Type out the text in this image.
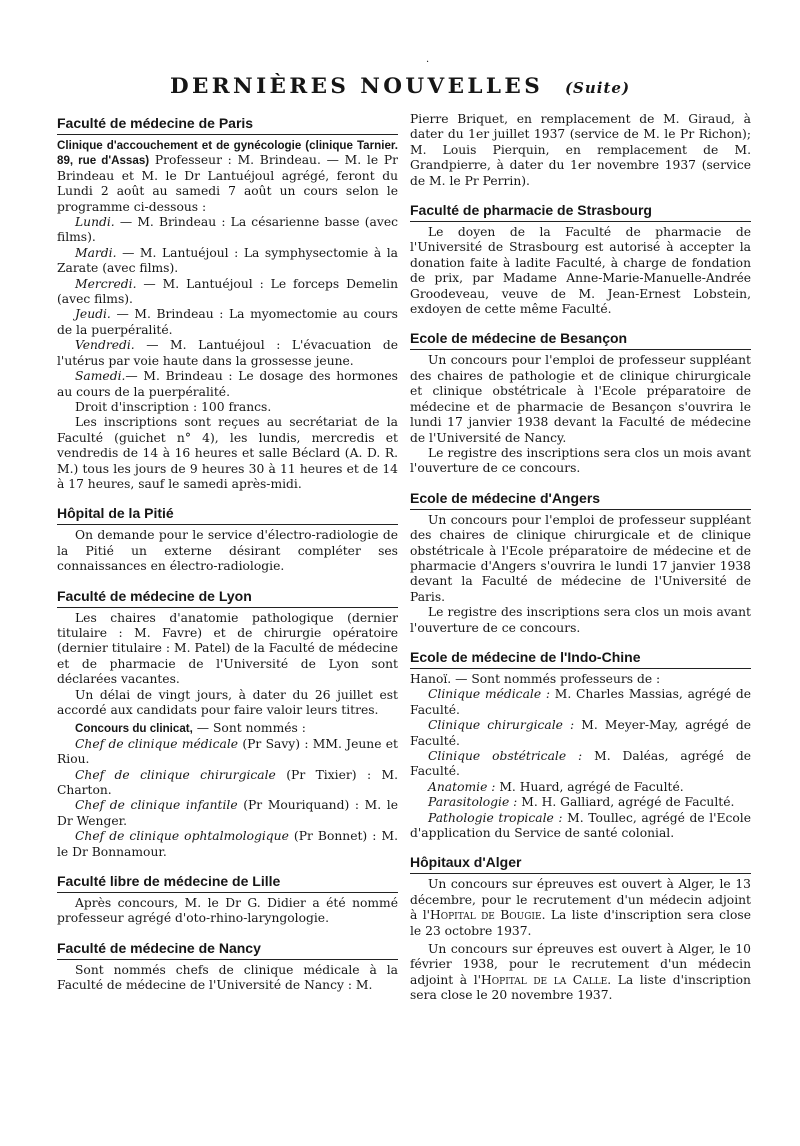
·
DERNIÈRES NOUVELLES (Suite)
Faculté de médecine de Paris

Clinique d'accouchement et de gynécologie (clinique Tarnier. 89, rue d'Assas) Professeur : M. Brindeau. — M. le Pr Brindeau et M. le Dr Lantuéjoul agrégé, feront du Lundi 2 août au samedi 7 août un cours selon le programme ci-dessous :

Lundi. — M. Brindeau : La césarienne basse (avec films).

Mardi. — M. Lantuéjoul : La symphysectomie à la Zarate (avec films).

Mercredi. — M. Lantuéjoul : Le forceps Demelin (avec films).

Jeudi. — M. Brindeau : La myomectomie au cours de la puerpéralité.

Vendredi. — M. Lantuéjoul : L'évacuation de l'utérus par voie haute dans la grossesse jeune.

Samedi.— M. Brindeau : Le dosage des hormones au cours de la puerpéralité.

Droit d'inscription : 100 francs.

Les inscriptions sont reçues au secrétariat de la Faculté (guichet n° 4), les lundis, mercredis et vendredis de 14 à 16 heures et salle Béclard (A. D. R. M.) tous les jours de 9 heures 30 à 11 heures et de 14 à 17 heures, sauf le samedi après-midi.

Hôpital de la Pitié

On demande pour le service d'électro-radiologie de la Pitié un externe désirant compléter ses connaissances en électro-radiologie.

Faculté de médecine de Lyon

Les chaires d'anatomie pathologique (dernier titulaire : M. Favre) et de chirurgie opératoire (dernier titulaire : M. Patel) de la Faculté de médecine et de pharmacie de l'Université de Lyon sont déclarées vacantes.

Un délai de vingt jours, à dater du 26 juillet est accordé aux candidats pour faire valoir leurs titres.

Concours du clinicat, — Sont nommés :

Chef de clinique médicale (Pr Savy) : MM. Jeune et Riou.

Chef de clinique chirurgicale (Pr Tixier) : M. Charton.

Chef de clinique infantile (Pr Mouriquand) : M. le Dr Wenger.

Chef de clinique ophtalmologique (Pr Bonnet) : M. le Dr Bonnamour.

Faculté libre de médecine de Lille

Après concours, M. le Dr G. Didier a été nommé professeur agrégé d'oto-rhino-laryngologie.

Faculté de médecine de Nancy

Sont nommés chefs de clinique médicale à la Faculté de médecine de l'Université de Nancy : M.

Pierre Briquet, en remplacement de M. Giraud, à dater du 1er juillet 1937 (service de M. le Pr Richon); M. Louis Pierquin, en remplacement de M. Grandpierre, à dater du 1er novembre 1937 (service de M. le Pr Perrin).

Faculté de pharmacie de Strasbourg

Le doyen de la Faculté de pharmacie de l'Université de Strasbourg est autorisé à accepter la donation faite à ladite Faculté, à charge de fondation de prix, par Madame Anne-Marie-Manuelle-Andrée Groodeveau, veuve de M. Jean-Ernest Lobstein, exdoyen de cette même Faculté.

Ecole de médecine de Besançon

Un concours pour l'emploi de professeur suppléant des chaires de pathologie et de clinique chirurgicale et clinique obstétricale à l'Ecole préparatoire de médecine et de pharmacie de Besançon s'ouvrira le lundi 17 janvier 1938 devant la Faculté de médecine de l'Université de Nancy.

Le registre des inscriptions sera clos un mois avant l'ouverture de ce concours.

Ecole de médecine d'Angers

Un concours pour l'emploi de professeur suppléant des chaires de clinique chirurgicale et de clinique obstétricale à l'Ecole préparatoire de médecine et de pharmacie d'Angers s'ouvrira le lundi 17 janvier 1938 devant la Faculté de médecine de l'Université de Paris.

Le registre des inscriptions sera clos un mois avant l'ouverture de ce concours.

Ecole de médecine de l'Indo-Chine

Hanoï. — Sont nommés professeurs de :

Clinique médicale : M. Charles Massias, agrégé de Faculté.

Clinique chirurgicale : M. Meyer-May, agrégé de Faculté.

Clinique obstétricale : M. Daléas, agrégé de Faculté.

Anatomie : M. Huard, agrégé de Faculté.

Parasitologie : M. H. Galliard, agrégé de Faculté.

Pathologie tropicale : M. Toullec, agrégé de l'Ecole d'application du Service de santé colonial.

Hôpitaux d'Alger

Un concours sur épreuves est ouvert à Alger, le 13 décembre, pour le recrutement d'un médecin adjoint à l'Hopital de Bougie. La liste d'inscription sera close le 23 octobre 1937.

Un concours sur épreuves est ouvert à Alger, le 10 février 1938, pour le recrutement d'un médecin adjoint à l'Hopital de la Calle. La liste d'inscription sera close le 20 novembre 1937.
